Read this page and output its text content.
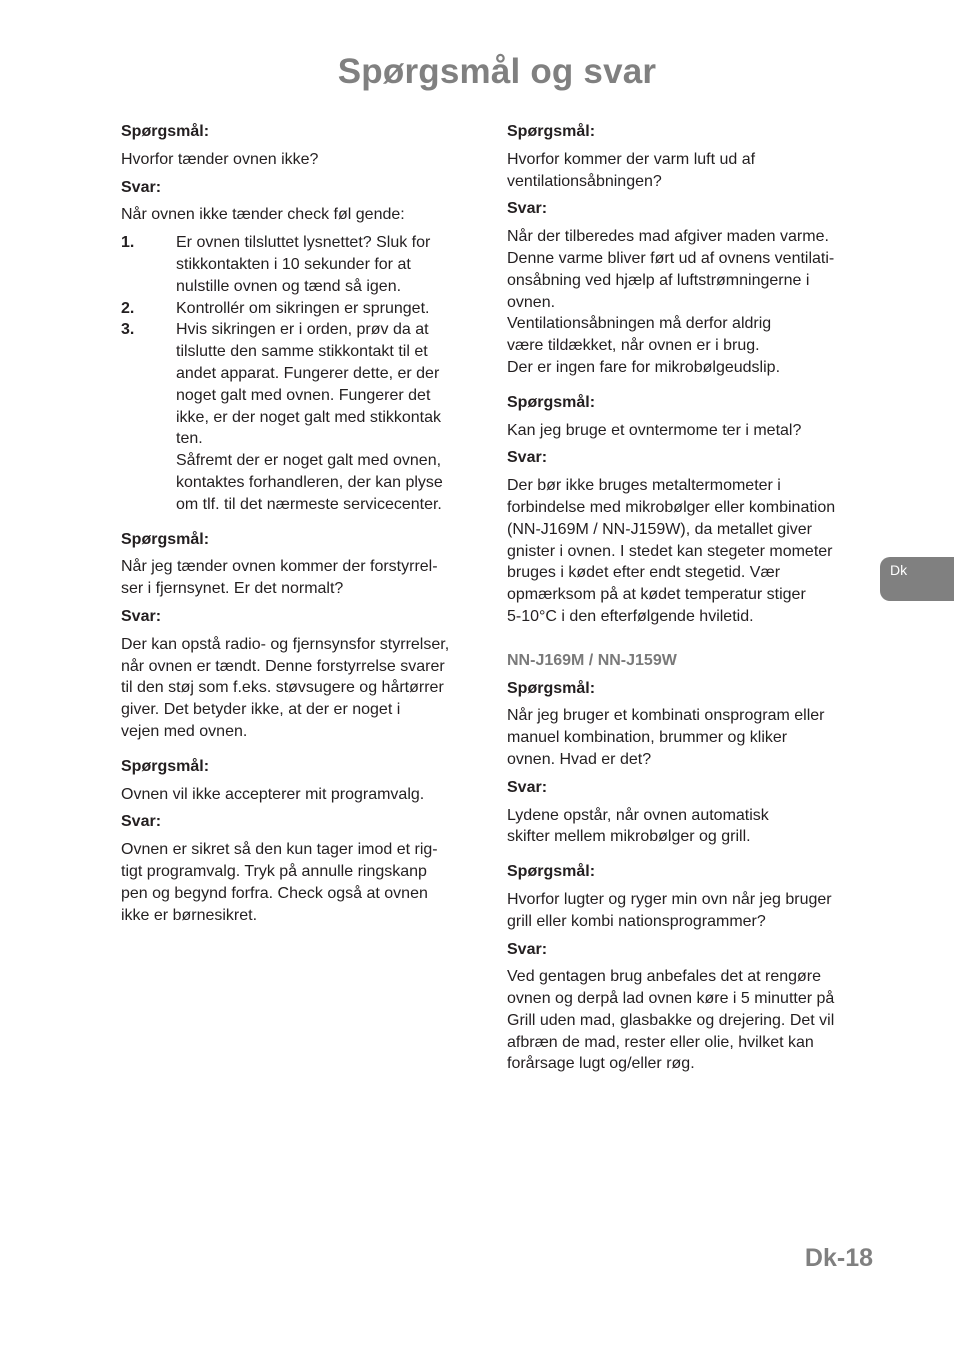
Spørgsmål og svar
Spørgsmål:
Hvorfor tænder ovnen ikke?
Svar:
Når ovnen ikke tænder check føl gende:
1.	Er ovnen tilsluttet lysnettet? Sluk for
stikkontakten i 10 sekunder for at
nulstille ovnen og tænd så igen.
2.	Kontrollér om sikringen er sprunget.
3.	Hvis sikringen er i orden, prøv da at
tilslutte den samme stikkontakt til et
andet apparat. Fungerer dette, er der
noget galt med ovnen. Fungerer det
ikke, er der noget galt med stikkontak
ten.
Såfremt der er noget galt med ovnen,
kontaktes forhandleren, der kan plyse
om tlf. til det nærmeste servicecenter.
Spørgsmål:
Når jeg tænder ovnen kommer der forstyrrel-
ser i fjernsynet. Er det normalt?
Svar:
Der kan opstå radio- og fjernsynsfor styrrelser,
når ovnen er tændt. Denne forstyrrelse svarer
til den støj som f.eks. støvsugere og hårtørrer
giver. Det betyder ikke, at der er noget i
vejen med ovnen.
Spørgsmål:
Ovnen vil ikke accepterer mit programvalg.
Svar:
Ovnen er sikret så den kun tager imod et rig-
tigt programvalg. Tryk på annulle ringskanp
pen og begynd forfra. Check også at ovnen
ikke er børnesikret.
Spørgsmål:
Hvorfor kommer der varm luft ud af
ventilationsåbningen?
Svar:
Når der tilberedes mad afgiver maden varme.
Denne varme bliver ført ud af ovnens ventilati-
onsåbning ved hjælp af luftstrømningerne i
ovnen.
Ventilationsåbningen må derfor aldrig
være tildækket, når ovnen er i brug.
Der er ingen fare for mikrobølgeudslip.
Spørgsmål:
Kan jeg bruge et ovntermome ter i metal?
Svar:
Der bør ikke bruges metaltermometer i
forbindelse med mikrobølger eller kombination
(NN-J169M / NN-J159W), da metallet giver
gnister i ovnen. I stedet kan stegeter mometer
bruges i kødet efter endt stegetid. Vær
opmærksom på at kødet temperatur stiger
5-10°C i den efterfølgende hviletid.
NN-J169M / NN-J159W
Spørgsmål:
Når jeg bruger et kombinati onsprogram eller
manuel kombination, brummer og kliker
ovnen. Hvad er det?
Svar:
Lydene opstår, når ovnen automatisk
skifter mellem mikrobølger og grill.
Spørgsmål:
Hvorfor lugter og ryger min ovn når jeg bruger
grill eller kombi nationsprogrammer?
Svar:
Ved gentagen brug anbefales det at rengøre
ovnen og derpå lad ovnen køre i 5 minutter på
Grill uden mad, glasbakke og drejering. Det vil
afbræn de mad, rester eller olie, hvilket kan
forårsage lugt og/eller røg.
Dk
Dk-18
